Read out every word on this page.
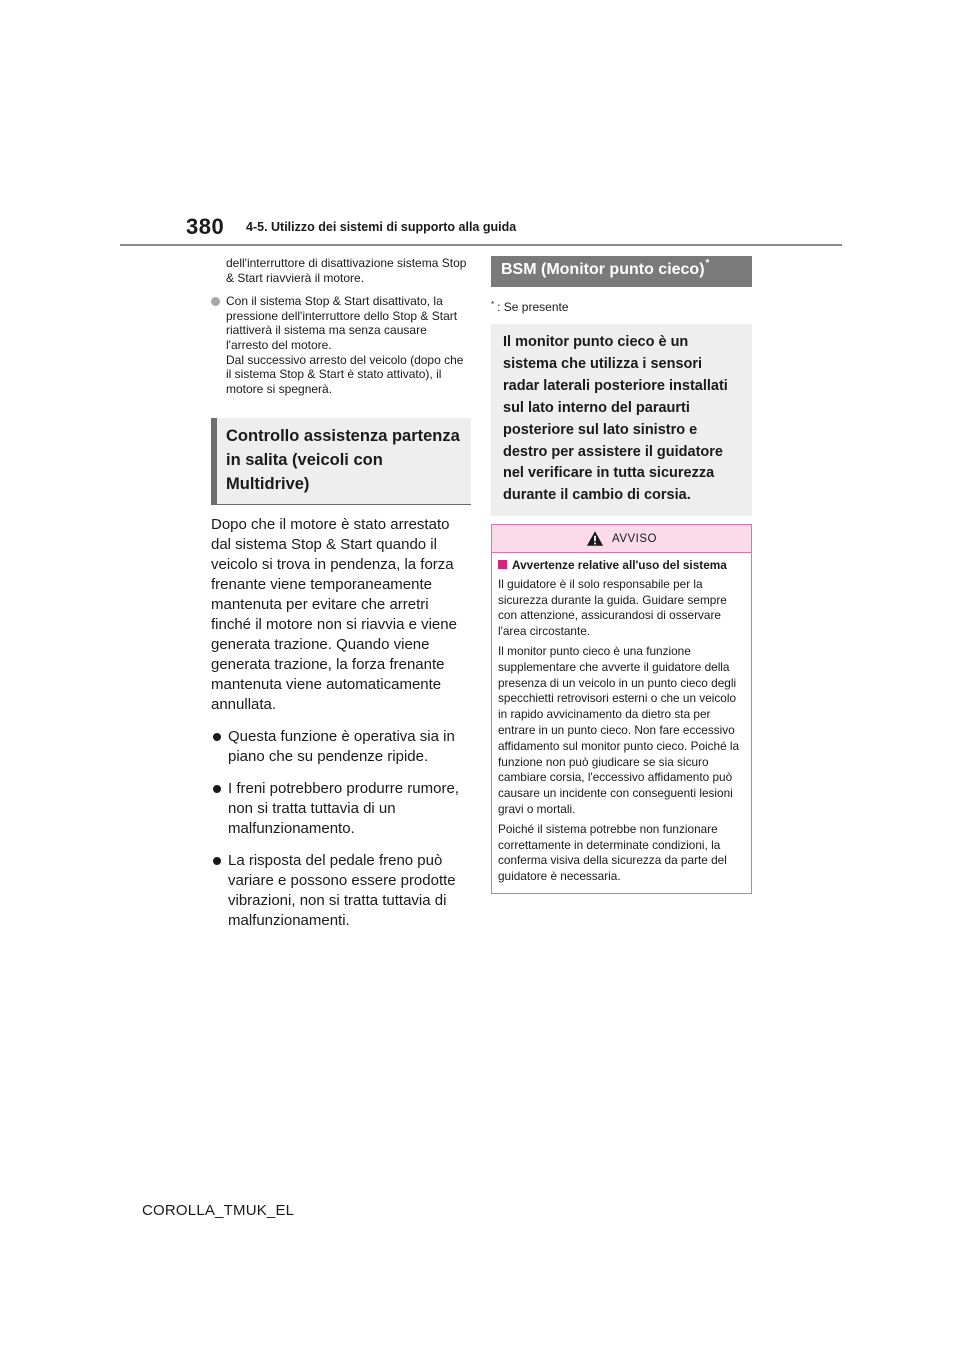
380 4-5. Utilizzo dei sistemi di supporto alla guida
dell'interruttore di disattivazione sistema Stop & Start riavvierà il motore.
Con il sistema Stop & Start disattivato, la pressione dell'interruttore dello Stop & Start riattiverà il sistema ma senza causare l'arresto del motore.
Dal successivo arresto del veicolo (dopo che il sistema Stop & Start è stato attivato), il motore si spegnerà.
Controllo assistenza partenza
in salita (veicoli con Multidrive)
Dopo che il motore è stato arrestato dal sistema Stop & Start quando il veicolo si trova in pendenza, la forza frenante viene temporaneamente mantenuta per evitare che arretri finché il motore non si riavvia e viene generata trazione. Quando viene generata trazione, la forza frenante mantenuta viene automaticamente annullata.
Questa funzione è operativa sia in piano che su pendenze ripide.
I freni potrebbero produrre rumore, non si tratta tuttavia di un malfunzionamento.
La risposta del pedale freno può variare e possono essere prodotte vibrazioni, non si tratta tuttavia di malfunzionamenti.
BSM (Monitor punto cieco)*
* : Se presente
Il monitor punto cieco è un sistema che utilizza i sensori radar laterali posteriore installati sul lato interno del paraurti posteriore sul lato sinistro e destro per assistere il guidatore nel verificare in tutta sicurezza durante il cambio di corsia.
AVVISO
Avvertenze relative all'uso del sistema
Il guidatore è il solo responsabile per la sicurezza durante la guida. Guidare sempre con attenzione, assicurandosi di osservare l'area circostante.
Il monitor punto cieco è una funzione supplementare che avverte il guidatore della presenza di un veicolo in un punto cieco degli specchietti retrovisori esterni o che un veicolo in rapido avvicinamento da dietro sta per entrare in un punto cieco. Non fare eccessivo affidamento sul monitor punto cieco. Poiché la funzione non può giudicare se sia sicuro cambiare corsia, l'eccessivo affidamento può causare un incidente con conseguenti lesioni gravi o mortali.
Poiché il sistema potrebbe non funzionare correttamente in determinate condizioni, la conferma visiva della sicurezza da parte del guidatore è necessaria.
COROLLA_TMUK_EL
